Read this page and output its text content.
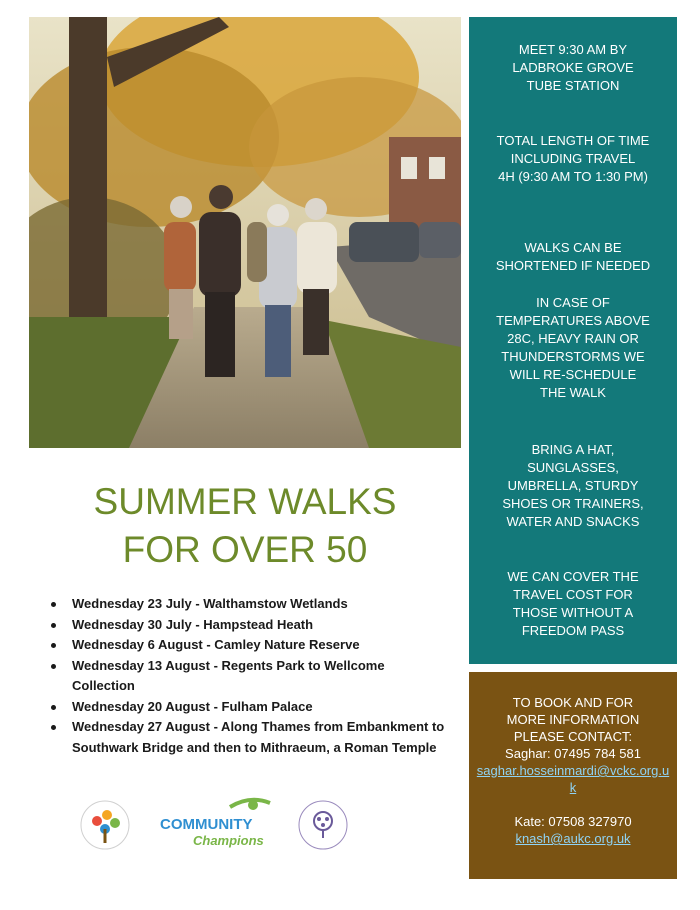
SUMMER WALKS
FOR OVER 50
Wednesday 23 July - Walthamstow Wetlands
Wednesday 30 July - Hampstead Heath
Wednesday 6 August - Camley Nature Reserve
Wednesday 13 August - Regents Park to Wellcome Collection
Wednesday 20 August - Fulham Palace
Wednesday 27 August - Along Thames from Embankment to Southwark Bridge and then to Mithraeum, a Roman Temple
COMMUNITY
Champions

MEET 9:30 AM BY
LADBROKE GROVE
TUBE STATION

TOTAL LENGTH OF TIME
INCLUDING TRAVEL
4H (9:30 AM TO 1:30 PM)

WALKS CAN BE
SHORTENED IF NEEDED

IN CASE OF
TEMPERATURES ABOVE
28C, HEAVY RAIN OR
THUNDERSTORMS WE
WILL RE-SCHEDULE
THE WALK

BRING A HAT,
SUNGLASSES,
UMBRELLA, STURDY
SHOES OR TRAINERS,
WATER AND SNACKS

WE CAN COVER THE
TRAVEL COST FOR
THOSE WITHOUT A
FREEDOM PASS

TO BOOK AND FOR

MORE INFORMATION

PLEASE CONTACT:

Saghar: 07495 784 581

saghar.hosseinmardi@vckc.org.uk

Kate: 07508 327970

knash@aukc.org.uk
